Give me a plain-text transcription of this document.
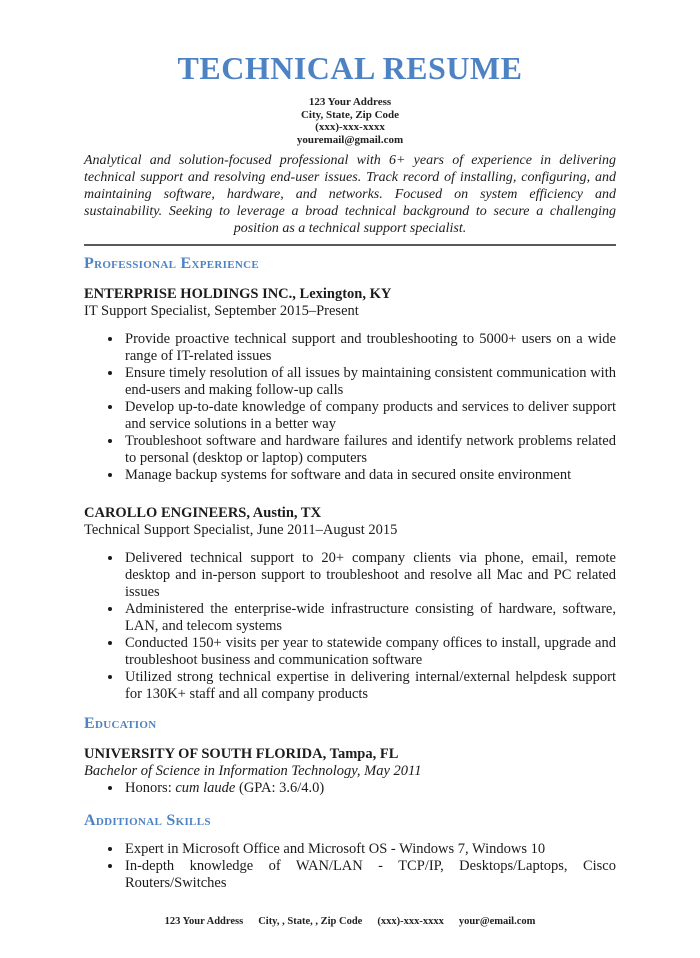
TECHNICAL RESUME
123 Your Address
City, State, Zip Code
(xxx)-xxx-xxxx
youremail@gmail.com
Analytical and solution-focused professional with 6+ years of experience in delivering technical support and resolving end-user issues. Track record of installing, configuring, and maintaining software, hardware, and networks. Focused on system efficiency and sustainability. Seeking to leverage a broad technical background to secure a challenging position as a technical support specialist.
Professional Experience
ENTERPRISE HOLDINGS INC., Lexington, KY
IT Support Specialist, September 2015–Present
• Provide proactive technical support and troubleshooting to 5000+ users on a wide range of IT-related issues
• Ensure timely resolution of all issues by maintaining consistent communication with end-users and making follow-up calls
• Develop up-to-date knowledge of company products and services to deliver support and service solutions in a better way
• Troubleshoot software and hardware failures and identify network problems related to personal (desktop or laptop) computers
• Manage backup systems for software and data in secured onsite environment
CAROLLO ENGINEERS, Austin, TX
Technical Support Specialist, June 2011–August 2015
• Delivered technical support to 20+ company clients via phone, email, remote desktop and in-person support to troubleshoot and resolve all Mac and PC related issues
• Administered the enterprise-wide infrastructure consisting of hardware, software, LAN, and telecom systems
• Conducted 150+ visits per year to statewide company offices to install, upgrade and troubleshoot business and communication software
• Utilized strong technical expertise in delivering internal/external helpdesk support for 130K+ staff and all company products
Education
UNIVERSITY OF SOUTH FLORIDA, Tampa, FL
Bachelor of Science in Information Technology, May 2011
• Honors: cum laude (GPA: 3.6/4.0)
Additional Skills
• Expert in Microsoft Office and Microsoft OS - Windows 7, Windows 10
• In-depth knowledge of WAN/LAN - TCP/IP, Desktops/Laptops, Cisco Routers/Switches
123 Your Address City, , State, , Zip Code (xxx)-xxx-xxxx your@email.com
